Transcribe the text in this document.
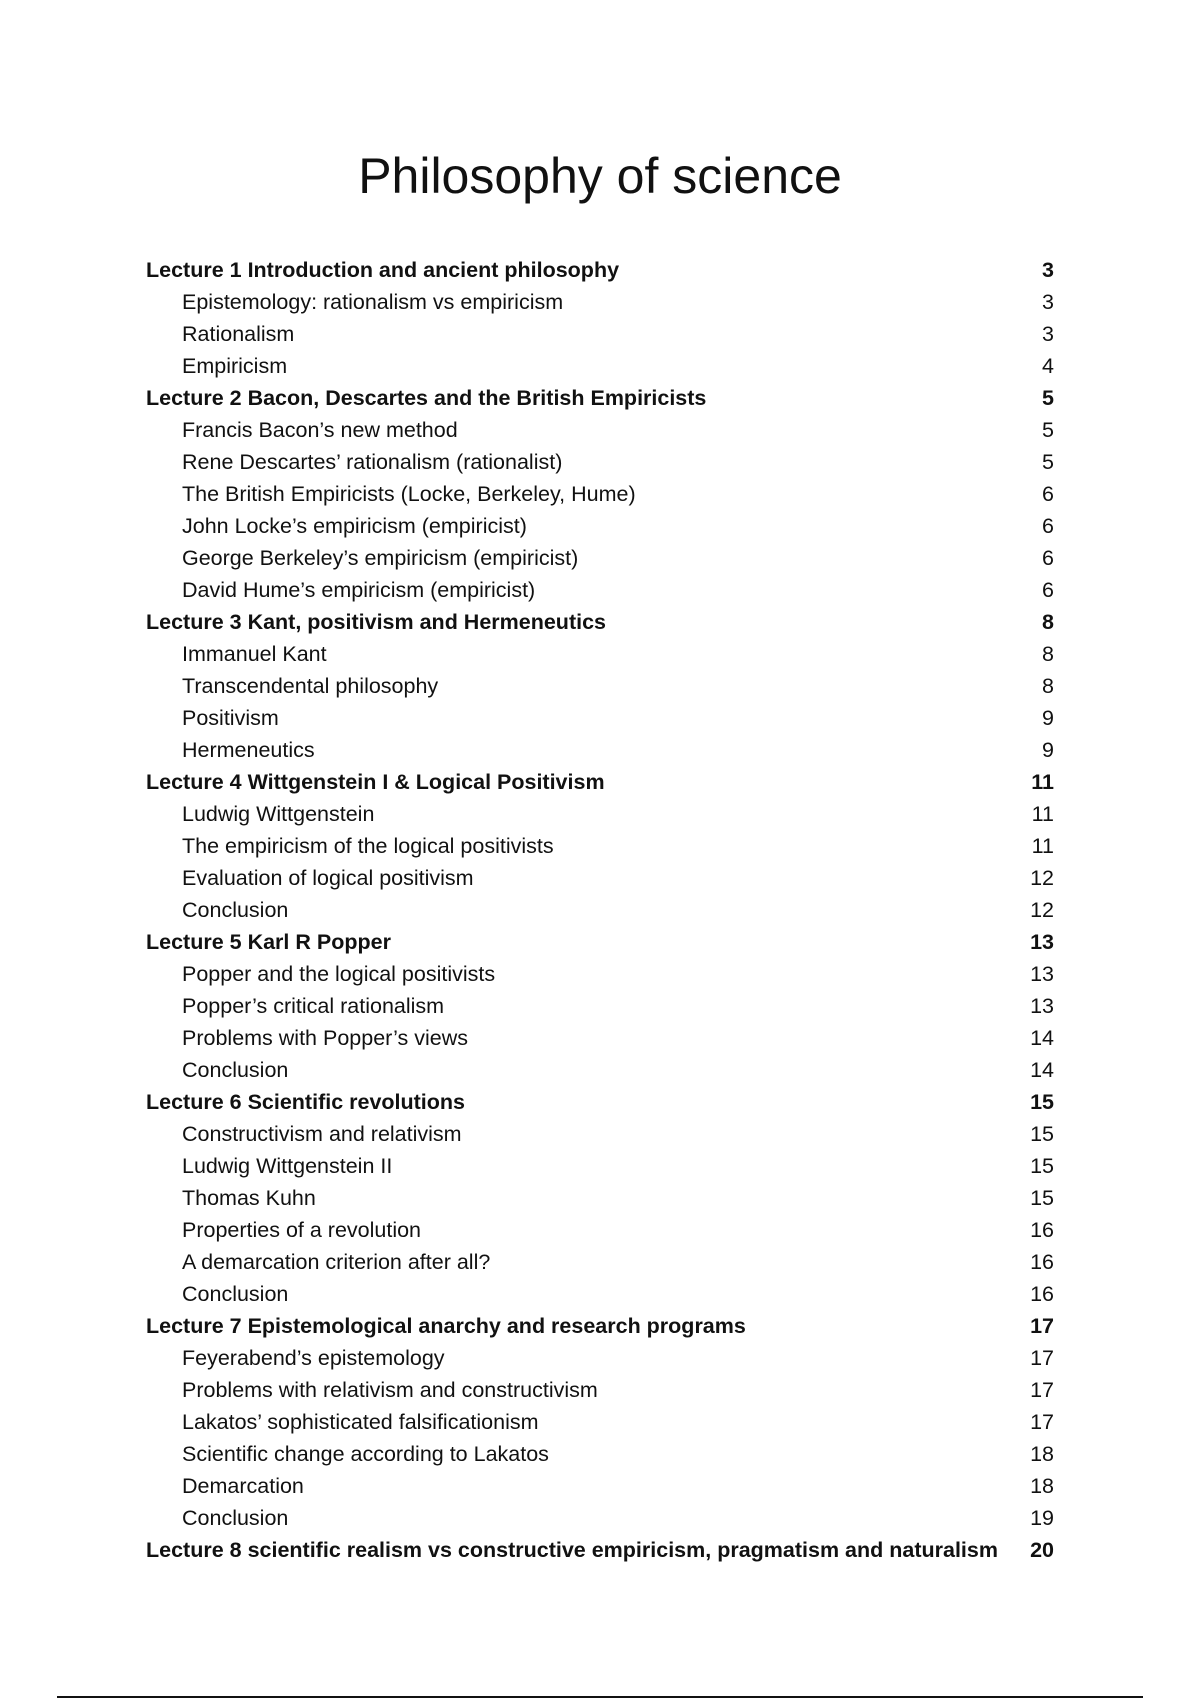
Philosophy of science
Lecture 1 Introduction and ancient philosophy	3
Epistemology: rationalism vs empiricism	3
Rationalism	3
Empiricism	4
Lecture 2 Bacon, Descartes and the British Empiricists	5
Francis Bacon’s new method	5
Rene Descartes’ rationalism (rationalist)	5
The British Empiricists (Locke, Berkeley, Hume)	6
John Locke’s empiricism (empiricist)	6
George Berkeley’s empiricism (empiricist)	6
David Hume’s empiricism (empiricist)	6
Lecture 3 Kant, positivism and Hermeneutics	8
Immanuel Kant	8
Transcendental philosophy	8
Positivism	9
Hermeneutics	9
Lecture 4 Wittgenstein I & Logical Positivism	11
Ludwig Wittgenstein	11
The empiricism of the logical positivists	11
Evaluation of logical positivism	12
Conclusion	12
Lecture 5 Karl R Popper	13
Popper and the logical positivists	13
Popper’s critical rationalism	13
Problems with Popper’s views	14
Conclusion	14
Lecture 6 Scientific revolutions	15
Constructivism and relativism	15
Ludwig Wittgenstein II	15
Thomas Kuhn	15
Properties of a revolution	16
A demarcation criterion after all?	16
Conclusion	16
Lecture 7 Epistemological anarchy and research programs	17
Feyerabend’s epistemology	17
Problems with relativism and constructivism	17
Lakatos’ sophisticated falsificationism	17
Scientific change according to Lakatos	18
Demarcation	18
Conclusion	19
Lecture 8 scientific realism vs constructive empiricism, pragmatism and naturalism 20
